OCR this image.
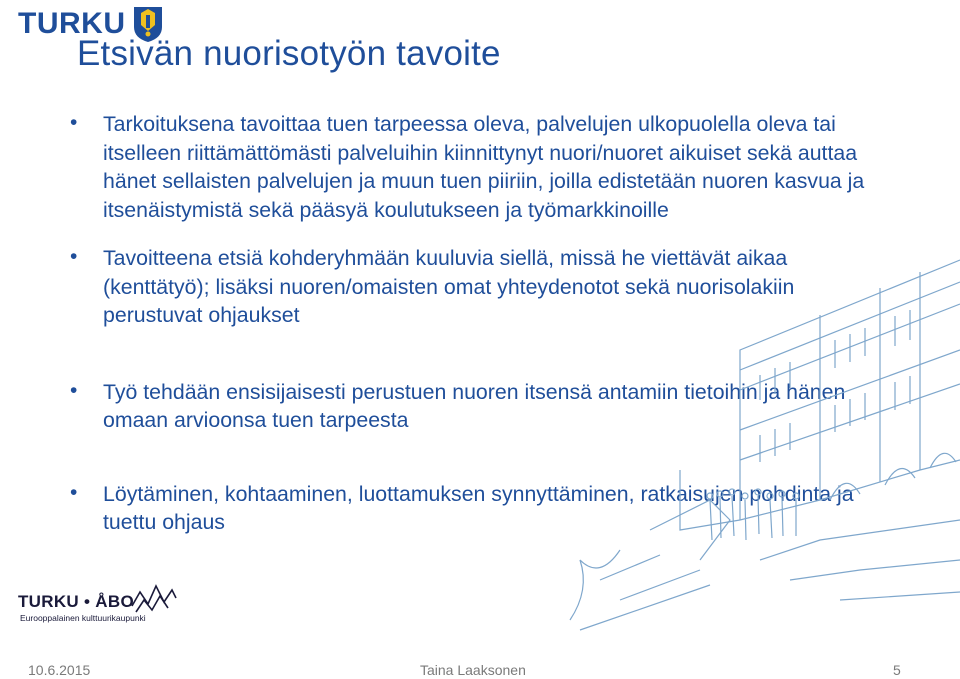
TURKU
Etsivän nuorisotyön tavoite
• Tarkoituksena tavoittaa tuen tarpeessa oleva, palvelujen ulkopuolella oleva tai itselleen riittämättömästi palveluihin kiinnittynyt nuori/nuoret aikuiset sekä auttaa hänet sellaisten palvelujen ja muun tuen piiriin, joilla edistetään nuoren kasvua ja itsenäistymistä sekä pääsyä koulutukseen ja työmarkkinoille
• Tavoitteena etsiä kohderyhmään kuuluvia siellä, missä he viettävät aikaa (kenttätyö); lisäksi nuoren/omaisten omat yhteydenotot sekä nuorisolakiin perustuvat ohjaukset
• Työ tehdään ensisijaisesti perustuen nuoren itsensä antamiin tietoihin ja hänen omaan arvioonsa tuen tarpeesta
• Löytäminen, kohtaaminen, luottamuksen synnyttäminen, ratkaisujen pohdinta ja tuettu ohjaus
TURKU • ÅBO
Eurooppalainen kulttuurikaupunki
10.6.2015	Taina Laaksonen	5
